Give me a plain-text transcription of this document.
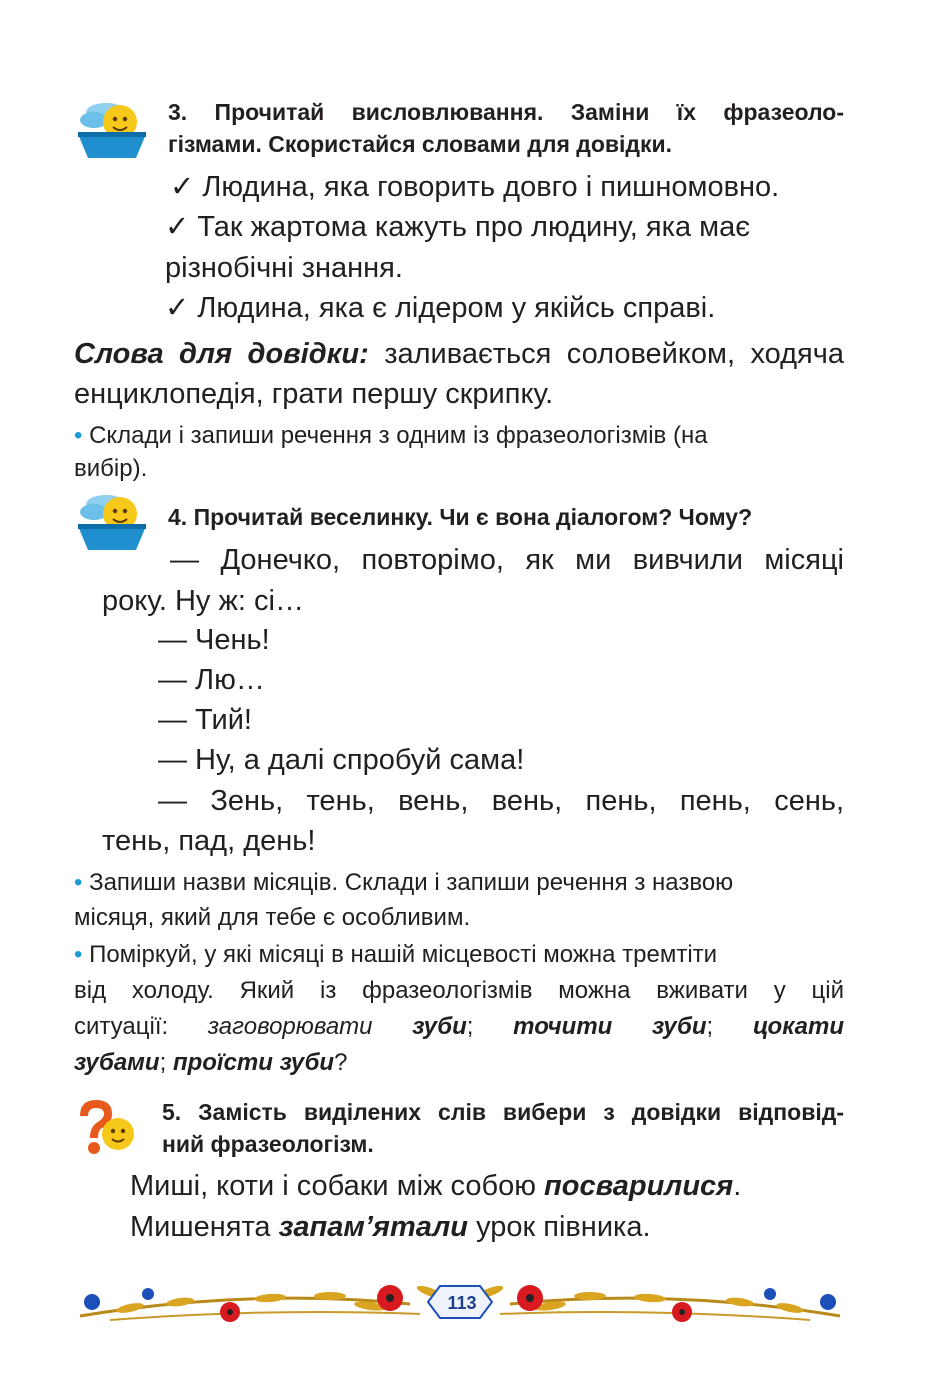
3. Прочитай висловлювання. Заміни їх фразеоло-
гізмами. Скористайся словами для довідки.
✓ Людина, яка говорить довго і пишномовно.
✓ Так жартома кажуть про людину, яка має
різнобічні знання.
✓ Людина, яка є лідером у якійсь справі.
Слова для довідки: заливається соловейком, ходяча
енциклопедія, грати першу скрипку.
• Склади і запиши речення з одним із фразеологізмів (на
вибір).
4. Прочитай веселинку. Чи є вона діалогом? Чому?
— Донечко, повторімо, як ми вивчили місяці
року. Ну ж: сі…
— Чень!
— Лю…
— Тий!
— Ну, а далі спробуй сама!
— Зень, тень, вень, вень, пень, пень, сень,
тень, пад, день!
• Запиши назви місяців. Склади і запиши речення з назвою
місяця, який для тебе є особливим.
• Поміркуй, у які місяці в нашій місцевості можна тремтіти
від холоду. Який із фразеологізмів можна вживати у цій
ситуації: заговорювати зуби; точити зуби; цокати
зубами; проїсти зуби?
5. Замість виділених слів вибери з довідки відповід-
ний фразеологізм.
Миші, коти і собаки між собою посварилися.
Мишенята запам’ятали урок півника.
113
